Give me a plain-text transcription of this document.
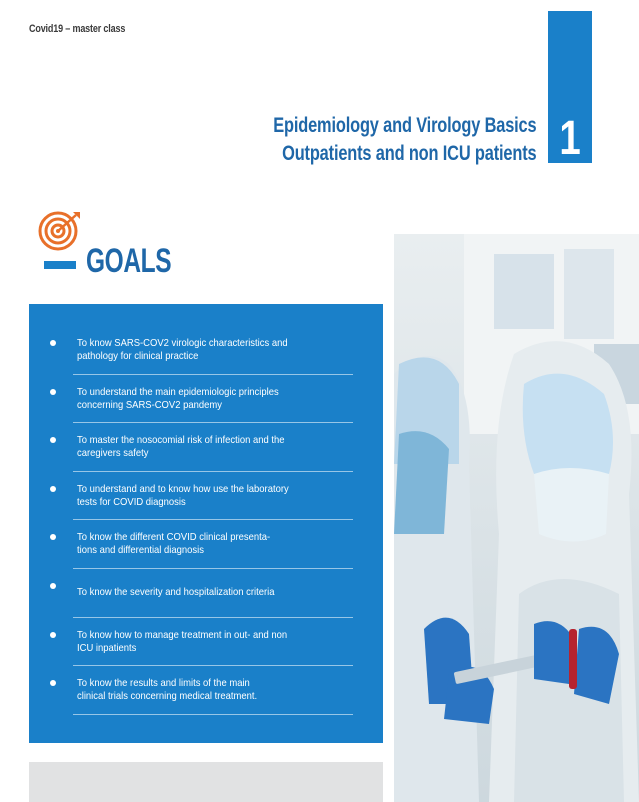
Covid19 – master class
1
Epidemiology and Virology Basics
Outpatients and non ICU patients
GOALS
To know SARS-COV2 virologic characteristics and
pathology for clinical practice
To understand the main epidemiologic principles
concerning SARS-COV2 pandemy
To master the nosocomial risk of infection and the
caregivers safety
To understand and to know how use the laboratory
tests for COVID diagnosis
To know the different COVID clinical presenta-
tions and differential diagnosis
To know the severity and hospitalization criteria
To know how to manage treatment in out- and non
ICU inpatients
To know the results and limits of the main
clinical trials concerning medical treatment.
